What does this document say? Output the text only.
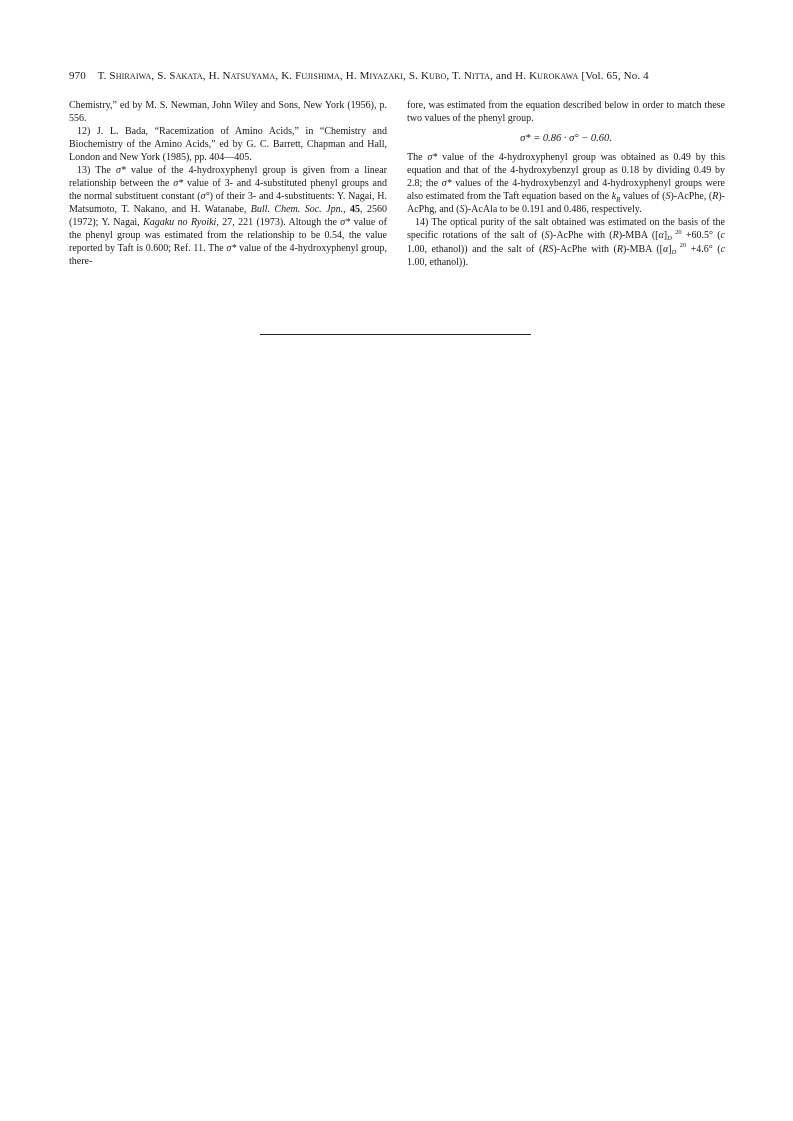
970 T. Shiraiwa, S. Sakata, H. Natsuyama, K. Fujishima, H. Miyazaki, S. Kubo, T. Nitta, and H. Kurokawa [Vol. 65, No. 4

Chemistry,” ed by M. S. Newman, John Wiley and Sons, New York (1956), p. 556.

12) J. L. Bada, “Racemization of Amino Acids,” in “Chemistry and Biochemistry of the Amino Acids,” ed by G. C. Barrett, Chapman and Hall, London and New York (1985), pp. 404—405.

13) The σ* value of the 4-hydroxyphenyl group is given from a linear relationship between the σ* value of 3- and 4-substituted phenyl groups and the normal substituent constant (σ°) of their 3- and 4-substituents: Y. Nagai, H. Matsumoto, T. Nakano, and H. Watanabe, Bull. Chem. Soc. Jpn., 45, 2560 (1972); Y. Nagai, Kagaku no Ryoiki, 27, 221 (1973). Altough the σ* value of the phenyl group was estimated from the relationship to be 0.54, the value reported by Taft is 0.600; Ref. 11. The σ* value of the 4-hydroxyphenyl group, there-

fore, was estimated from the equation described below in order to match these two values of the phenyl group.

σ* = 0.86 · σ° − 0.60.

The σ* value of the 4-hydroxyphenyl group was obtained as 0.49 by this equation and that of the 4-hydroxybenzyl group as 0.18 by dividing 0.49 by 2.8; the σ* values of the 4-hydroxybenzyl and 4-hydroxyphenyl groups were also estimated from the Taft equation based on the $k_R$ values of (S)-AcPhe, (R)-AcPhg, and (S)-AcAla to be 0.191 and 0.486, respectively.

14) The optical purity of the salt obtained was estimated on the basis of the specific rotations of the salt of (S)-AcPhe with (R)-MBA ([α] 20
D +60.5° (c 1.00, ethanol)) and the salt of (RS)-AcPhe with (R)-MBA ([α] 20
D +4.6° (c 1.00, ethanol)).
